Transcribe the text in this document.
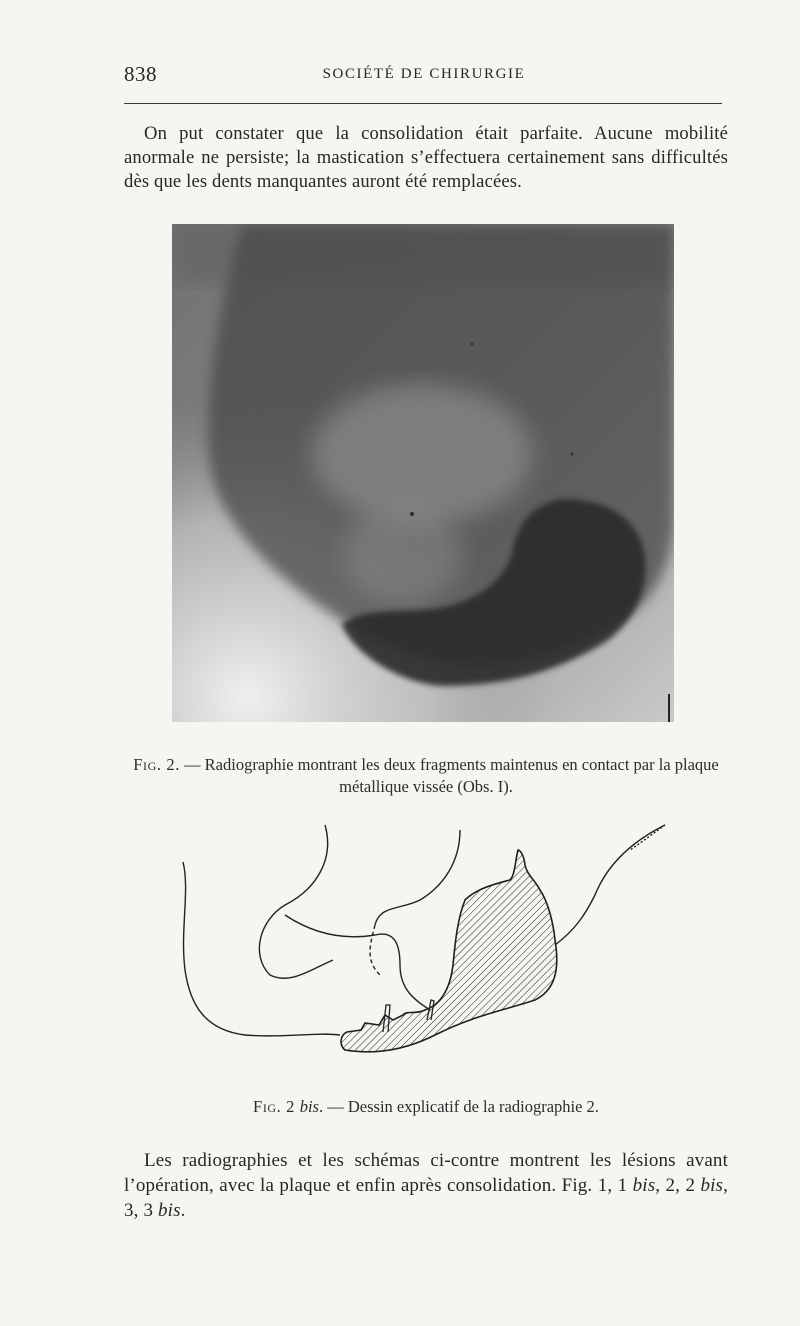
838	SOCIÉTÉ DE CHIRURGIE

On put constater que la consolidation était parfaite. Aucune mobilité anormale ne persiste; la mastication s’effectuera certainement sans difficultés dès que les dents manquantes auront été remplacées.

Fig. 2. — Radiographie montrant les deux fragments maintenus en contact par la plaque métallique vissée (Obs. I).
Fig. 2 bis. — Dessin explicatif de la radiographie 2.

Les radiographies et les schémas ci-contre montrent les lésions avant l’opération, avec la plaque et enfin après consolidation. Fig. 1, 1 bis, 2, 2 bis, 3, 3 bis.
